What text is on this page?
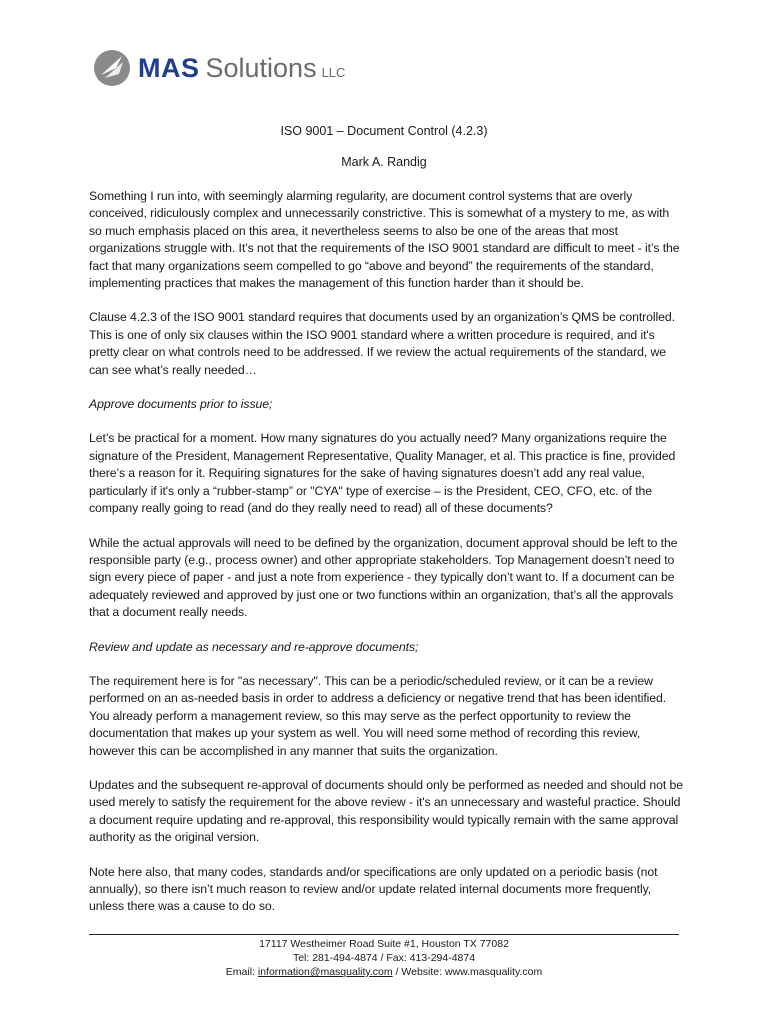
MAS Solutions LLC
ISO 9001 – Document Control (4.2.3)
Mark A. Randig

Something I run into, with seemingly alarming regularity, are document control systems that are overly conceived, ridiculously complex and unnecessarily constrictive. This is somewhat of a mystery to me, as with so much emphasis placed on this area, it nevertheless seems to also be one of the areas that most organizations struggle with. It’s not that the requirements of the ISO 9001 standard are difficult to meet - it’s the fact that many organizations seem compelled to go “above and beyond” the requirements of the standard, implementing practices that makes the management of this function harder than it should be.

Clause 4.2.3 of the ISO 9001 standard requires that documents used by an organization’s QMS be controlled. This is one of only six clauses within the ISO 9001 standard where a written procedure is required, and it's pretty clear on what controls need to be addressed. If we review the actual requirements of the standard, we can see what’s really needed…

Approve documents prior to issue;

Let’s be practical for a moment. How many signatures do you actually need? Many organizations require the signature of the President, Management Representative, Quality Manager, et al. This practice is fine, provided there’s a reason for it. Requiring signatures for the sake of having signatures doesn’t add any real value, particularly if it's only a “rubber-stamp” or "CYA" type of exercise – is the President, CEO, CFO, etc. of the company really going to read (and do they really need to read) all of these documents?

While the actual approvals will need to be defined by the organization, document approval should be left to the responsible party (e.g., process owner) and other appropriate stakeholders. Top Management doesn’t need to sign every piece of paper - and just a note from experience - they typically don’t want to. If a document can be adequately reviewed and approved by just one or two functions within an organization, that’s all the approvals that a document really needs.

Review and update as necessary and re-approve documents;

The requirement here is for "as necessary". This can be a periodic/scheduled review, or it can be a review performed on an as-needed basis in order to address a deficiency or negative trend that has been identified. You already perform a management review, so this may serve as the perfect opportunity to review the documentation that makes up your system as well. You will need some method of recording this review, however this can be accomplished in any manner that suits the organization.

Updates and the subsequent re-approval of documents should only be performed as needed and should not be used merely to satisfy the requirement for the above review - it's an unnecessary and wasteful practice. Should a document require updating and re-approval, this responsibility would typically remain with the same approval authority as the original version.

Note here also, that many codes, standards and/or specifications are only updated on a periodic basis (not annually), so there isn’t much reason to review and/or update related internal documents more frequently, unless there was a cause to do so.

17117 Westheimer Road Suite #1, Houston TX 77082
Tel: 281-494-4874 / Fax: 413-294-4874
Email: information@masquality.com / Website: www.masquality.com
